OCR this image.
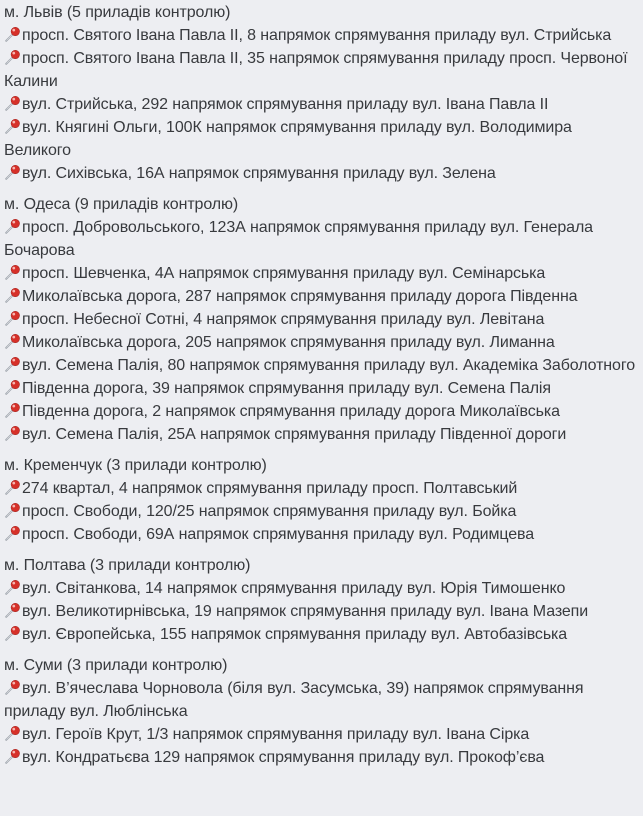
м. Львів (5 приладів контролю)

просп. Святого Івана Павла II, 8 напрямок спрямування приладу вул. Стрийська

просп. Святого Івана Павла II, 35 напрямок спрямування приладу просп. Червоної Калини

вул. Стрийська, 292 напрямок спрямування приладу вул. Івана Павла II

вул. Княгині Ольги, 100К напрямок спрямування приладу вул. Володимира Великого

вул. Сихівська, 16А напрямок спрямування приладу вул. Зелена

м. Одеса (9 приладів контролю)

просп. Добровольського, 123А напрямок спрямування приладу вул. Генерала Бочарова

просп. Шевченка, 4А напрямок спрямування приладу вул. Семінарська

Миколаївська дорога, 287 напрямок спрямування приладу дорога Південна

просп. Небесної Сотні, 4 напрямок спрямування приладу вул. Левітана

Миколаївська дорога, 205 напрямок спрямування приладу вул. Лиманна

вул. Семена Палія, 80 напрямок спрямування приладу вул. Академіка Заболотного

Південна дорога, 39 напрямок спрямування приладу вул. Семена Палія

Південна дорога, 2 напрямок спрямування приладу дорога Миколаївська

вул. Семена Палія, 25А напрямок спрямування приладу Південної дороги

м. Кременчук (3 прилади контролю)

274 квартал, 4 напрямок спрямування приладу просп. Полтавський

просп. Свободи, 120/25 напрямок спрямування приладу вул. Бойка

просп. Свободи, 69А напрямок спрямування приладу вул. Родимцева

м. Полтава (3 прилади контролю)

вул. Світанкова, 14 напрямок спрямування приладу вул. Юрія Тимошенко

вул. Великотирнівська, 19 напрямок спрямування приладу вул. Івана Мазепи

вул. Європейська, 155 напрямок спрямування приладу вул. Автобазівська

м. Суми (3 прилади контролю)

вул. В’ячеслава Чорновола (біля вул. Засумська, 39) напрямок спрямування приладу вул. Люблінська

вул. Героїв Крут, 1/3 напрямок спрямування приладу вул. Івана Сірка

вул. Кондратьєва 129 напрямок спрямування приладу вул. Прокоф’єва
